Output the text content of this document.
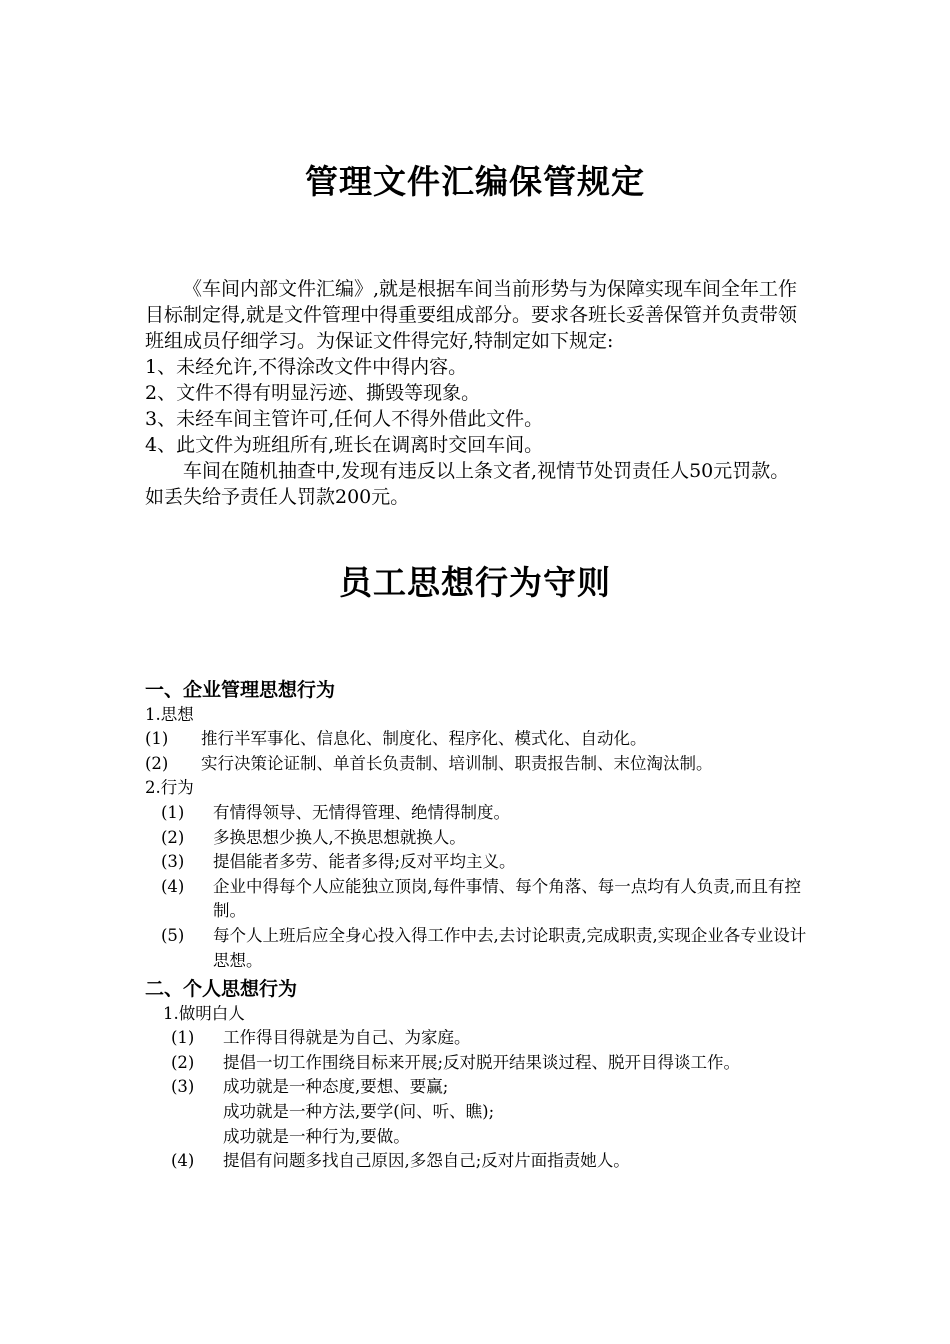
管理文件汇编保管规定

《车间内部文件汇编》,就是根据车间当前形势与为保障实现车间全年工作目标制定得,就是文件管理中得重要组成部分。要求各班长妥善保管并负责带领班组成员仔细学习。为保证文件得完好,特制定如下规定:

1、未经允许,不得涂改文件中得内容。

2、文件不得有明显污迹、撕毁等现象。

3、未经车间主管许可,任何人不得外借此文件。

4、此文件为班组所有,班长在调离时交回车间。

车间在随机抽查中,发现有违反以上条文者,视情节处罚责任人50元罚款。如丢失给予责任人罚款200元。

员工思想行为守则

一、企业管理思想行为

1.思想

(1)	推行半军事化、信息化、制度化、程序化、模式化、自动化。
(2)	实行决策论证制、单首长负责制、培训制、职责报告制、末位淘汰制。

2.行为

(1)	有情得领导、无情得管理、绝情得制度。
(2)	多换思想少换人,不换思想就换人。
(3)	提倡能者多劳、能者多得;反对平均主义。
(4)	企业中得每个人应能独立顶岗,每件事情、每个角落、每一点均有人负责,而且有控制。
(5)	每个人上班后应全身心投入得工作中去,去讨论职责,完成职责,实现企业各专业设计思想。

二、个人思想行为

1.做明白人

(1)	工作得目得就是为自己、为家庭。
(2)	提倡一切工作围绕目标来开展;反对脱开结果谈过程、脱开目得谈工作。
(3)	成功就是一种态度,要想、要赢;

成功就是一种方法,要学(问、听、瞧);

成功就是一种行为,要做。

(4)	提倡有问题多找自己原因,多怨自己;反对片面指责她人。
